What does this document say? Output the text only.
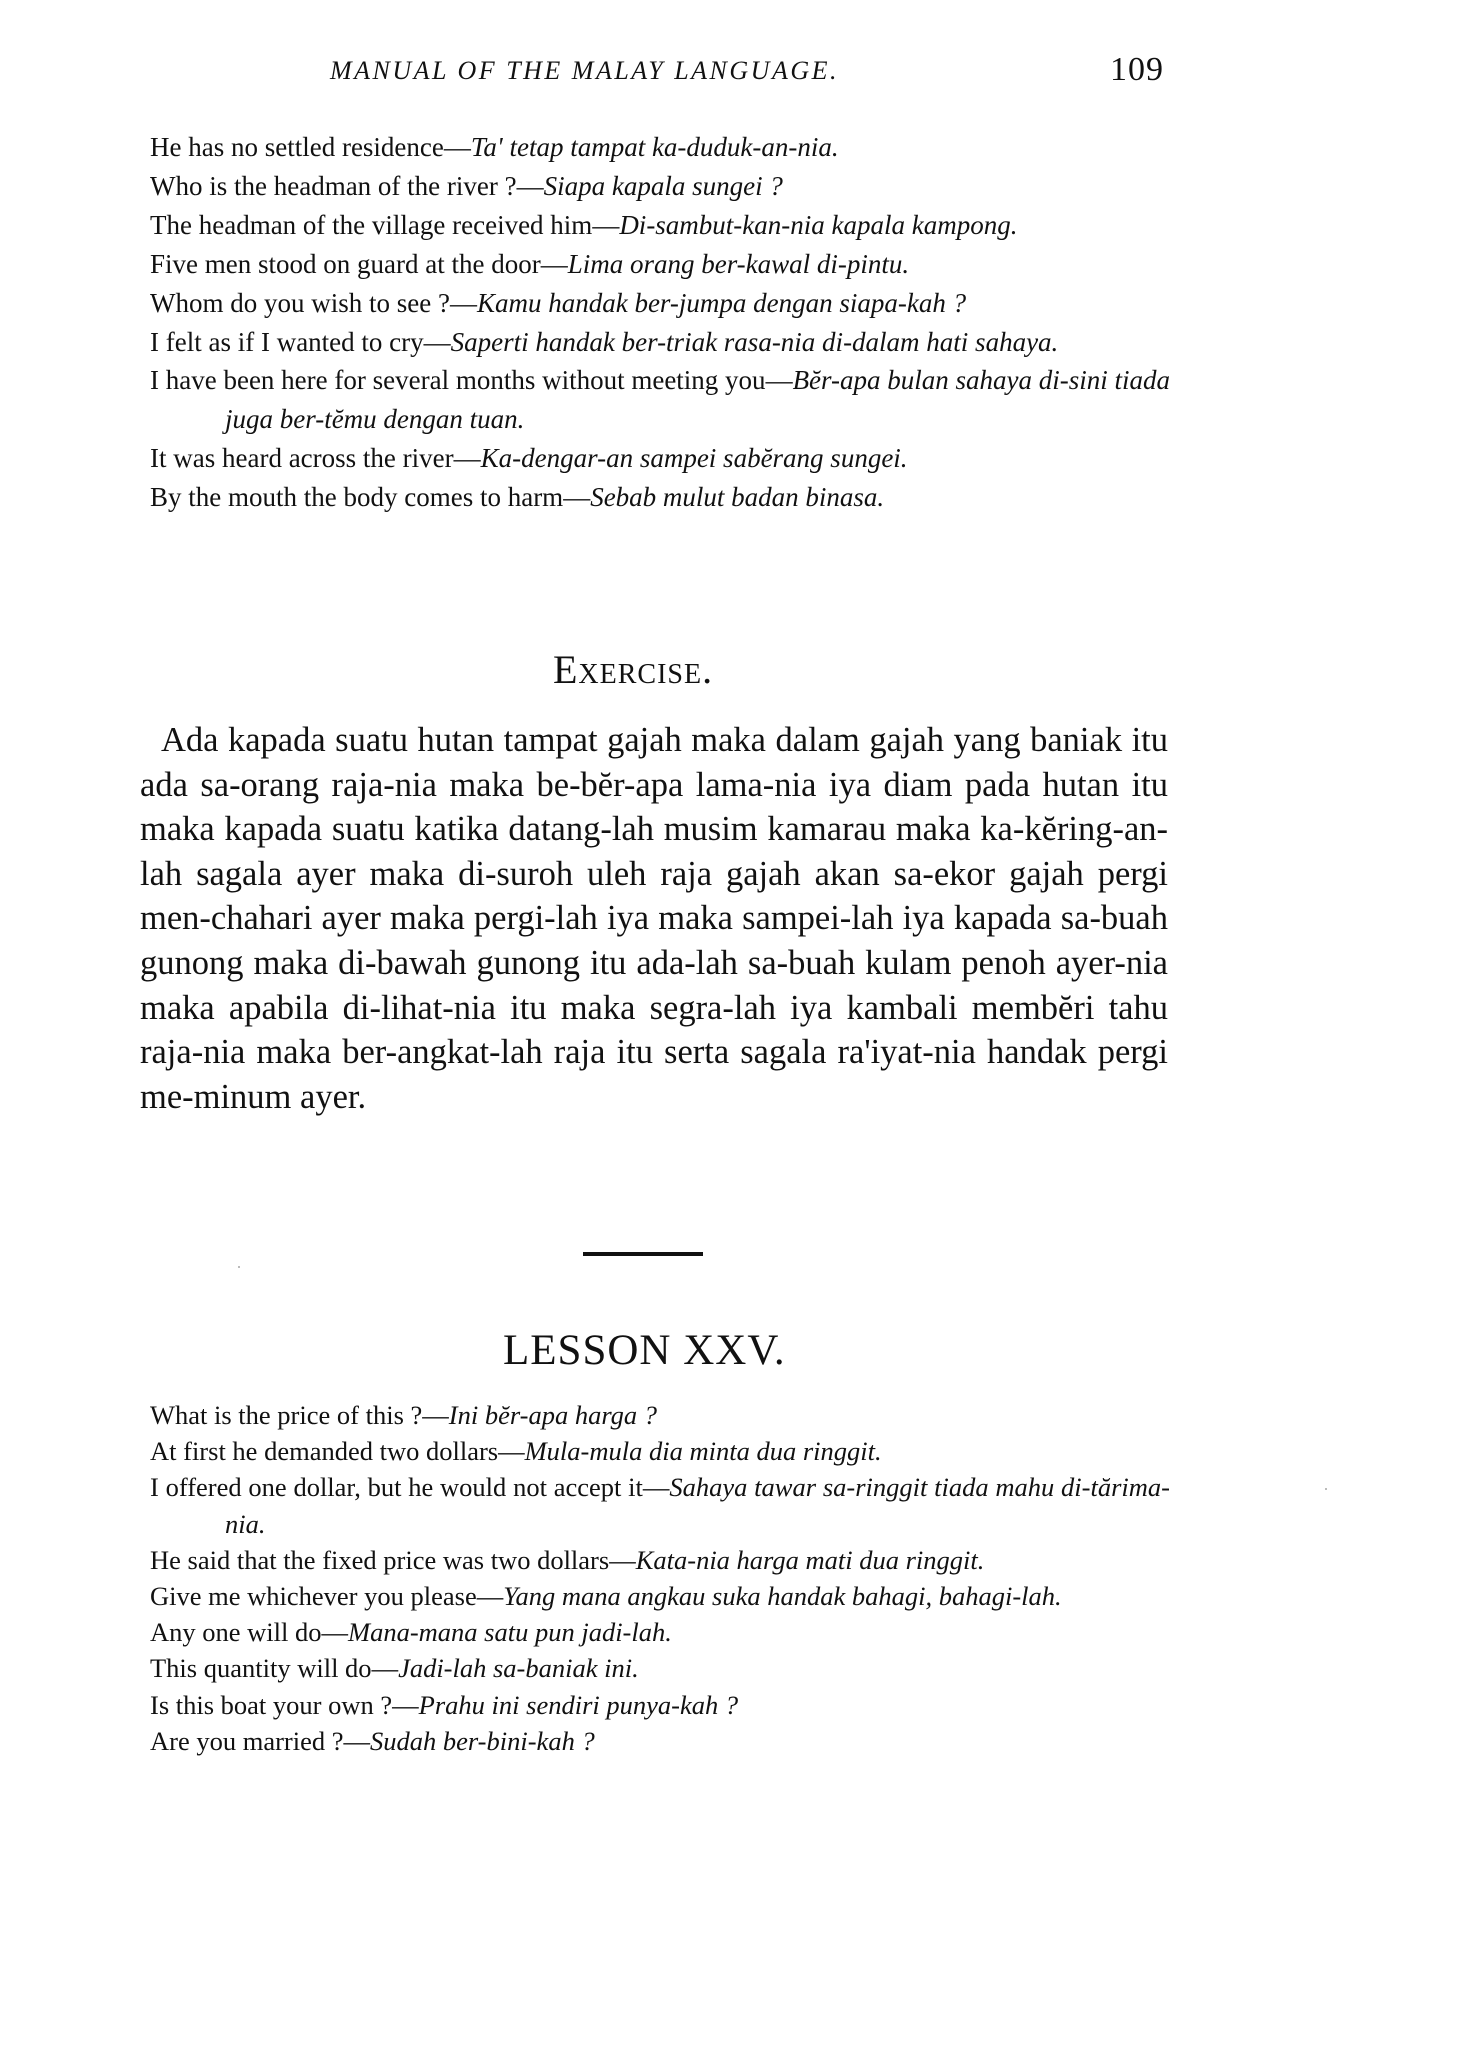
MANUAL OF THE MALAY LANGUAGE.	109
He has no settled residence—Ta' tetap tampat ka-duduk-an-nia.
Who is the headman of the river ?—Siapa kapala sungei ?
The headman of the village received him—Di-sambut-kan-nia kapala kampong.
Five men stood on guard at the door—Lima orang ber-kawal di-pintu.
Whom do you wish to see ?—Kamu handak ber-jumpa dengan siapa-kah ?
I felt as if I wanted to cry—Saperti handak ber-triak rasa-nia di-dalam hati sahaya.
I have been here for several months without meeting you—Bĕr-apa bulan sahaya di-sini tiada juga ber-tĕmu dengan tuan.
It was heard across the river—Ka-dengar-an sampei sabĕrang sungei.
By the mouth the body comes to harm—Sebab mulut badan binasa.
Exercise.
Ada kapada suatu hutan tampat gajah maka dalam gajah yang baniak itu ada sa-orang raja-nia maka be-bĕr-apa lama-nia iya diam pada hutan itu maka kapada suatu katika datang-lah musim kamarau maka ka-kĕring-an-lah sagala ayer maka di-suroh uleh raja gajah akan sa-ekor gajah pergi men-chahari ayer maka pergi-lah iya maka sampei-lah iya kapada sa-buah gunong maka di-bawah gunong itu ada-lah sa-buah kulam penoh ayer-nia maka apabila di-lihat-nia itu maka segra-lah iya kambali membĕri tahu raja-nia maka ber-angkat-lah raja itu serta sagala ra'iyat-nia handak pergi me-minum ayer.
LESSON XXV.
What is the price of this ?—Ini bĕr-apa harga ?
At first he demanded two dollars—Mula-mula dia minta dua ringgit.
I offered one dollar, but he would not accept it—Sahaya tawar sa-ringgit tiada mahu di-tărima-nia.
He said that the fixed price was two dollars—Kata-nia harga mati dua ringgit.
Give me whichever you please—Yang mana angkau suka handak bahagi, bahagi-lah.
Any one will do—Mana-mana satu pun jadi-lah.
This quantity will do—Jadi-lah sa-baniak ini.
Is this boat your own ?—Prahu ini sendiri punya-kah ?
Are you married ?—Sudah ber-bini-kah ?
